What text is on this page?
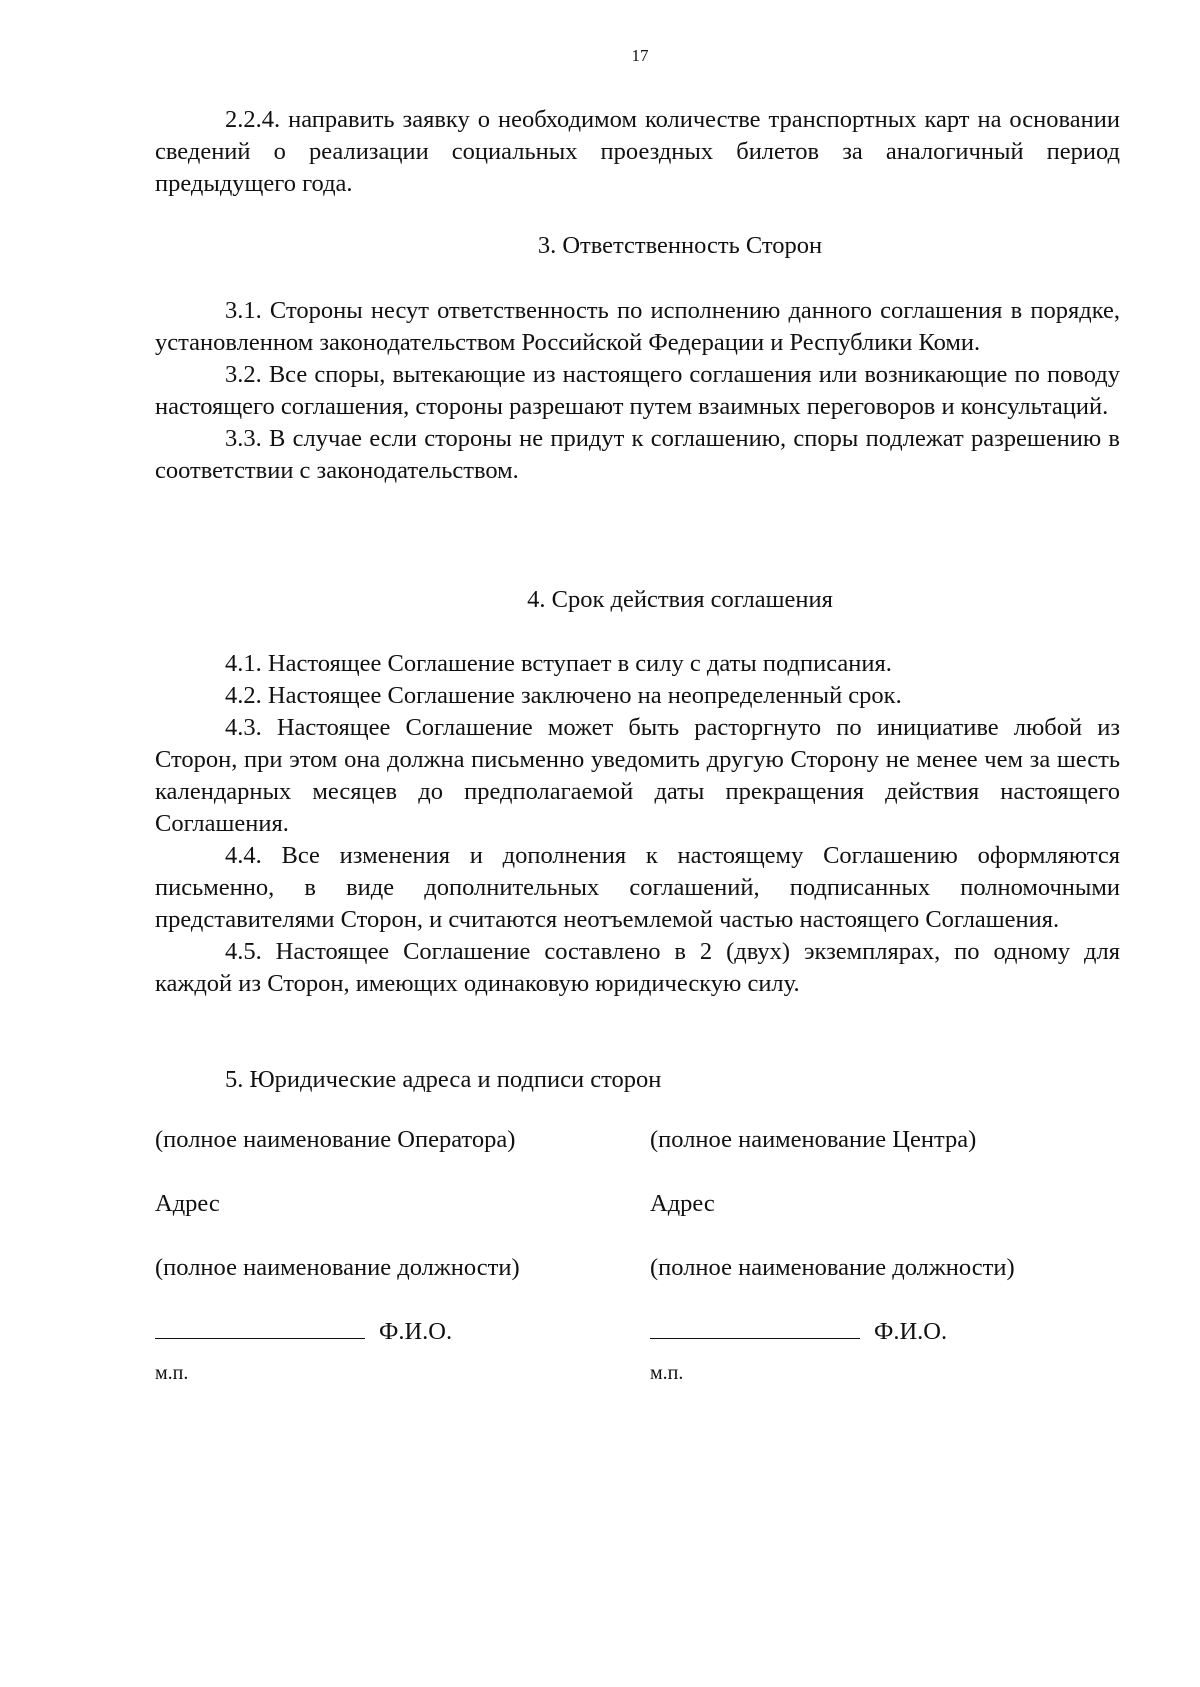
17

2.2.4. направить заявку о необходимом количестве транспортных карт на основании сведений о реализации социальных проездных билетов за аналогичный период предыдущего года.

3. Ответственность Сторон

3.1. Стороны несут ответственность по исполнению данного соглашения в порядке, установленном законодательством Российской Федерации и Республики Коми.

3.2. Все споры, вытекающие из настоящего соглашения или возникающие по поводу настоящего соглашения, стороны разрешают путем взаимных переговоров и консультаций.

3.3. В случае если стороны не придут к соглашению, споры подлежат разрешению в соответствии с законодательством.

4. Срок действия соглашения

4.1. Настоящее Соглашение вступает в силу с даты подписания.

4.2. Настоящее Соглашение заключено на неопределенный срок.

4.3. Настоящее Соглашение может быть расторгнуто по инициативе любой из Сторон, при этом она должна письменно уведомить другую Сторону не менее чем за шесть календарных месяцев до предполагаемой даты прекращения действия настоящего Соглашения.

4.4. Все изменения и дополнения к настоящему Соглашению оформляются письменно, в виде дополнительных соглашений, подписанных полномочными представителями Сторон, и считаются неотъемлемой частью настоящего Соглашения.

4.5. Настоящее Соглашение составлено в 2 (двух) экземплярах, по одному для каждой из Сторон, имеющих одинаковую юридическую силу.

5. Юридические адреса и подписи сторон
(полное наименование Оператора)
Адрес
(полное наименование должности)
Ф.И.О.
м.п.
(полное наименование Центра)
Адрес
(полное наименование должности)
Ф.И.О.
м.п.
